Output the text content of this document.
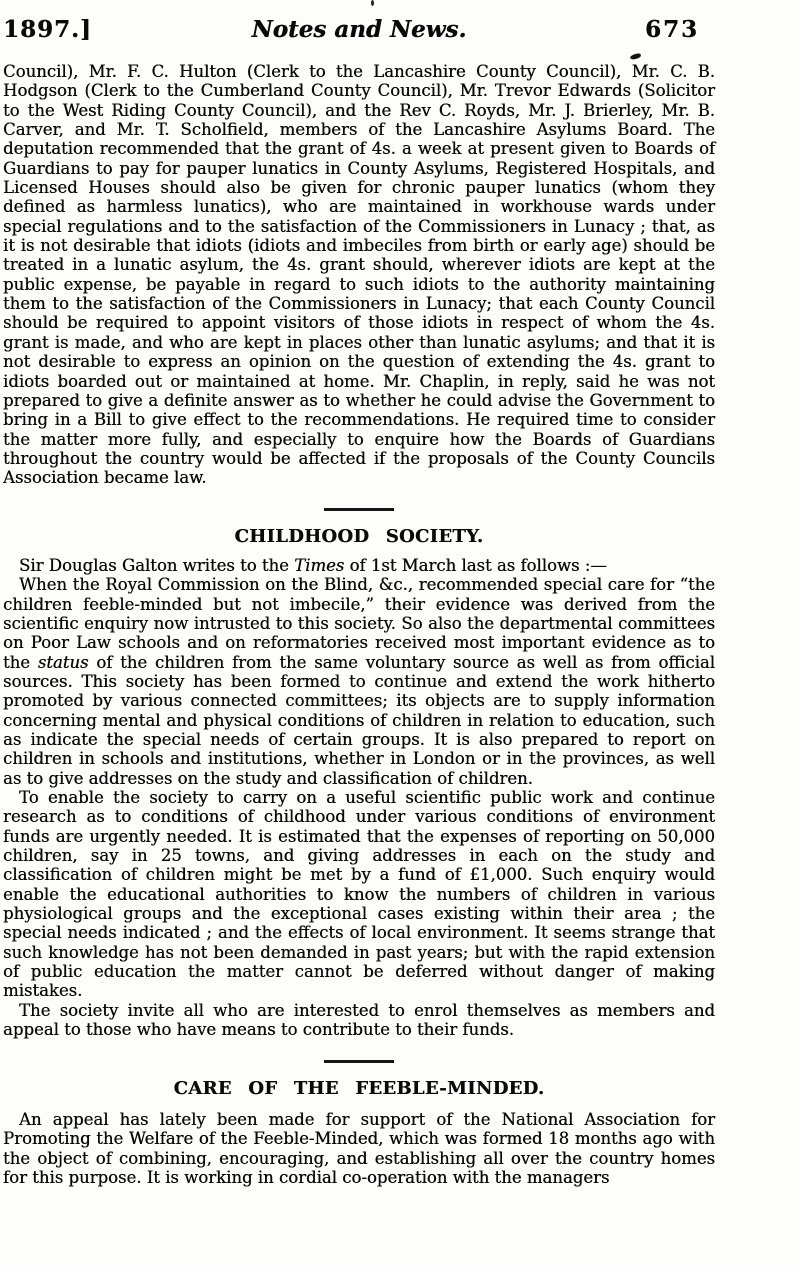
1897.]	Notes and News.	673

Council), Mr. F. C. Hulton (Clerk to the Lancashire County Council), Mr. C. B. Hodgson (Clerk to the Cumberland County Council), Mr. Trevor Edwards (Solicitor to the West Riding County Council), and the Rev C. Royds, Mr. J. Brierley, Mr. B. Carver, and Mr. T. Scholfield, members of the Lancashire Asylums Board. The deputation recommended that the grant of 4s. a week at present given to Boards of Guardians to pay for pauper lunatics in County Asylums, Registered Hospitals, and Licensed Houses should also be given for chronic pauper lunatics (whom they defined as harmless lunatics), who are maintained in workhouse wards under special regulations and to the satisfaction of the Commissioners in Lunacy ; that, as it is not desirable that idiots (idiots and imbeciles from birth or early age) should be treated in a lunatic asylum, the 4s. grant should, wherever idiots are kept at the public expense, be payable in regard to such idiots to the authority maintaining them to the satisfaction of the Commissioners in Lunacy; that each County Council should be required to appoint visitors of those idiots in respect of whom the 4s. grant is made, and who are kept in places other than lunatic asylums; and that it is not desirable to express an opinion on the question of extending the 4s. grant to idiots boarded out or maintained at home. Mr. Chaplin, in reply, said he was not prepared to give a definite answer as to whether he could advise the Government to bring in a Bill to give effect to the recommendations. He required time to consider the matter more fully, and especially to enquire how the Boards of Guardians throughout the country would be affected if the proposals of the County Councils Association became law.

CHILDHOOD SOCIETY.

Sir Douglas Galton writes to the Times of 1st March last as follows :—

When the Royal Commission on the Blind, &c., recommended special care for “the children feeble-minded but not imbecile,” their evidence was derived from the scientific enquiry now intrusted to this society. So also the departmental committees on Poor Law schools and on reformatories received most important evidence as to the status of the children from the same voluntary source as well as from official sources. This society has been formed to continue and extend the work hitherto promoted by various connected committees; its objects are to supply information concerning mental and physical conditions of children in relation to education, such as indicate the special needs of certain groups. It is also prepared to report on children in schools and institutions, whether in London or in the provinces, as well as to give addresses on the study and classification of children.

To enable the society to carry on a useful scientific public work and continue research as to conditions of childhood under various conditions of environment funds are urgently needed. It is estimated that the expenses of reporting on 50,000 children, say in 25 towns, and giving addresses in each on the study and classification of children might be met by a fund of £1,000. Such enquiry would enable the educational authorities to know the numbers of children in various physiological groups and the exceptional cases existing within their area ; the special needs indicated ; and the effects of local environment. It seems strange that such knowledge has not been demanded in past years; but with the rapid extension of public education the matter cannot be deferred without danger of making mistakes.

The society invite all who are interested to enrol themselves as members and appeal to those who have means to contribute to their funds.

CARE OF THE FEEBLE-MINDED.

An appeal has lately been made for support of the National Association for Promoting the Welfare of the Feeble-Minded, which was formed 18 months ago with the object of combining, encouraging, and establishing all over the country homes for this purpose. It is working in cordial co-operation with the managers
